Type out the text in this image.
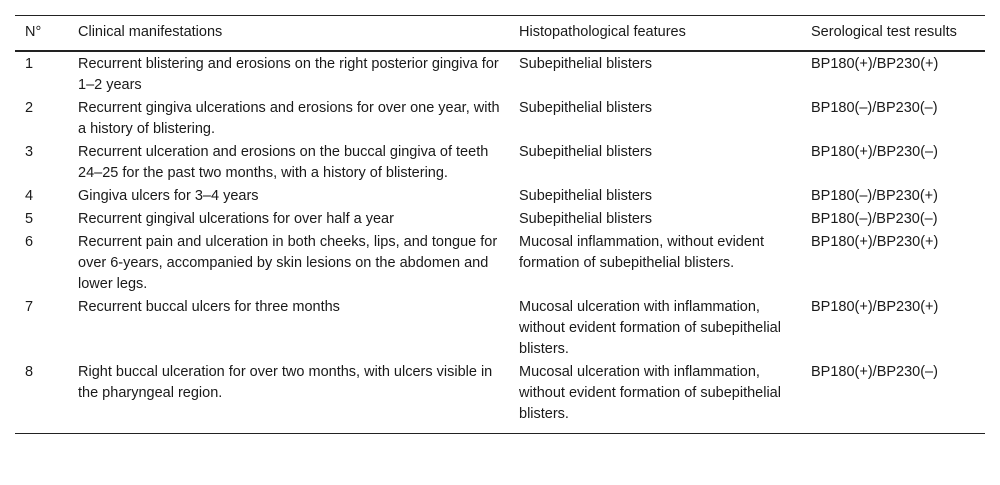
N°	Clinical manifestations	Histopathological features	Serological test results
1	Recurrent blistering and erosions on the right posterior gingiva for 1–2 years	Subepithelial blisters	BP180(+)/BP230(+)
2	Recurrent gingiva ulcerations and erosions for over one year, with a history of blistering.	Subepithelial blisters	BP180(–)/BP230(–)
3	Recurrent ulceration and erosions on the buccal gingiva of teeth 24–25 for the past two months, with a history of blistering.	Subepithelial blisters	BP180(+)/BP230(–)
4	Gingiva ulcers for 3–4 years	Subepithelial blisters	BP180(–)/BP230(+)
5	Recurrent gingival ulcerations for over half a year	Subepithelial blisters	BP180(–)/BP230(–)
6	Recurrent pain and ulceration in both cheeks, lips, and tongue for over 6-years, accompanied by skin lesions on the abdomen and lower legs.	Mucosal inflammation, without evident formation of subepithelial blisters.	BP180(+)/BP230(+)
7	Recurrent buccal ulcers for three months	Mucosal ulceration with inflammation, without evident formation of subepithelial blisters.	BP180(+)/BP230(+)
8	Right buccal ulceration for over two months, with ulcers visible in the pharyngeal region.	Mucosal ulceration with inflammation, without evident formation of subepithelial blisters.	BP180(+)/BP230(–)
